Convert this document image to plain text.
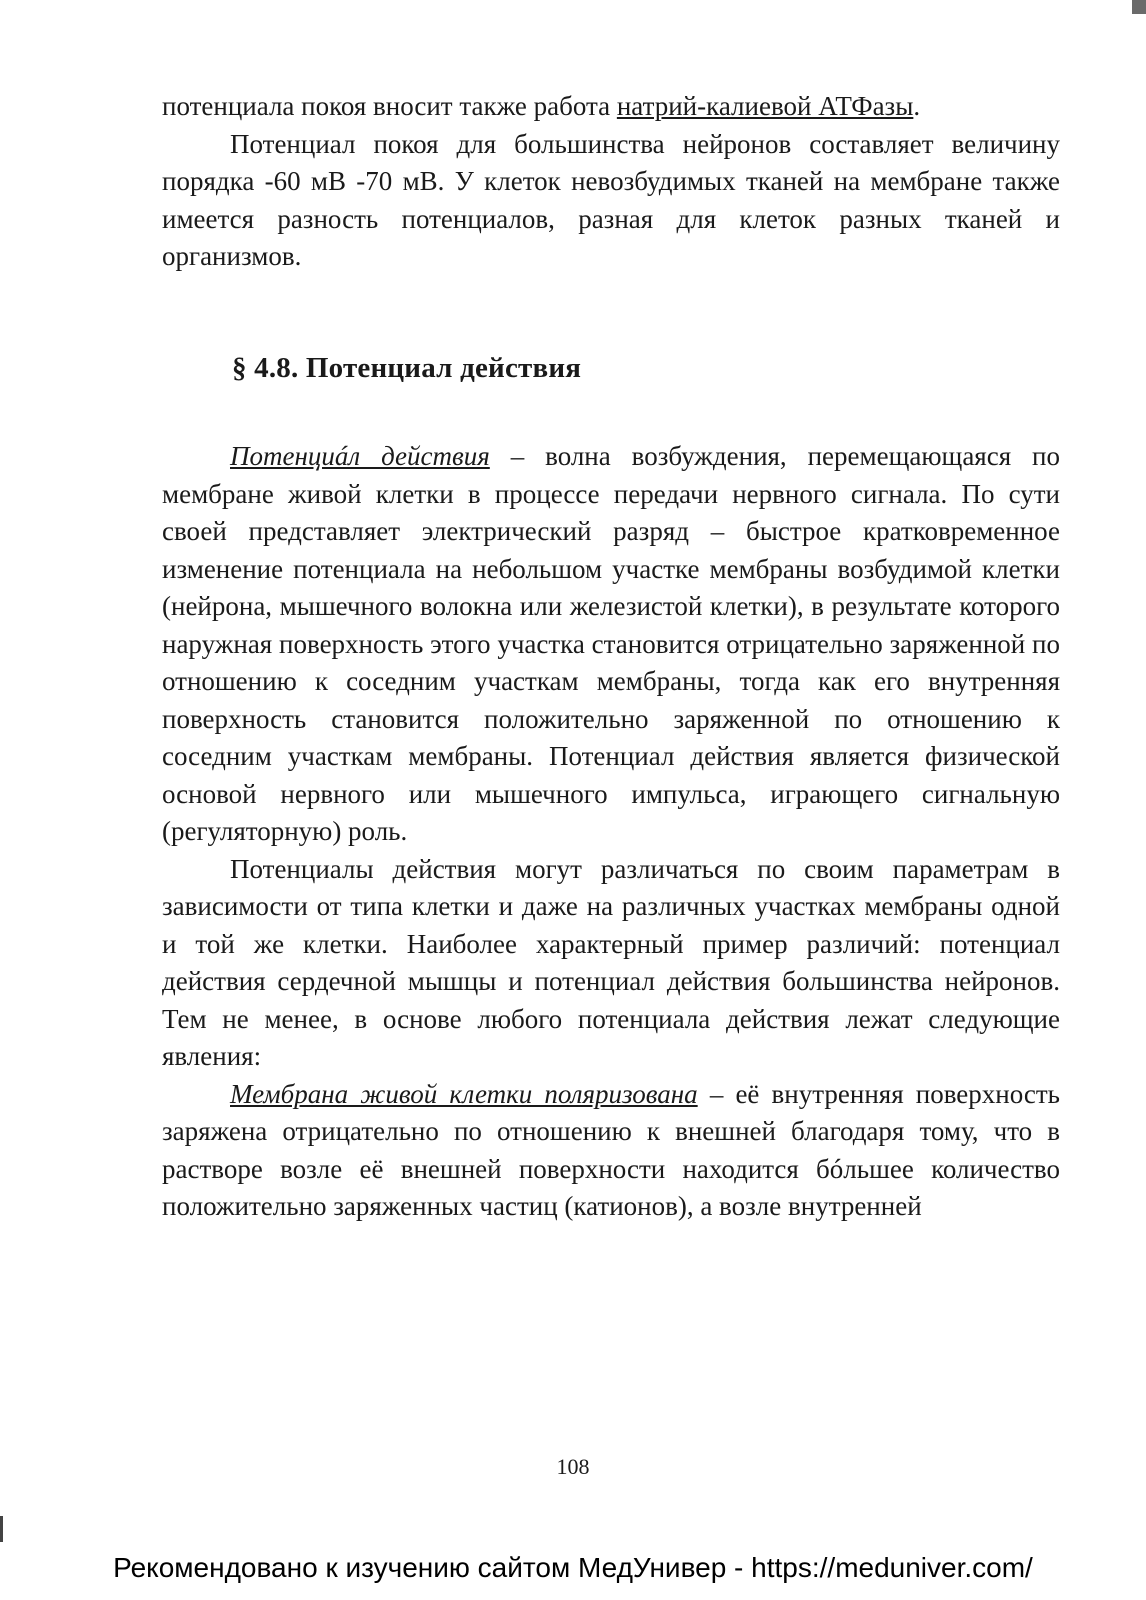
потенциала покоя вносит также работа натрий-калиевой АТФазы.

Потенциал покоя для большинства нейронов составляет величину порядка -60 мВ -70 мВ. У клеток невозбудимых тканей на мембране также имеется разность потенциалов, разная для клеток разных тканей и организмов.

§ 4.8. Потенциал действия

Потенциáл действия – волна возбуждения, перемещающаяся по мембране живой клетки в процессе передачи нервного сигнала. По сути своей представляет электрический разряд – быстрое кратковременное изменение потенциала на небольшом участке мембраны возбудимой клетки (нейрона, мышечного волокна или железистой клетки), в результате которого наружная поверхность этого участка становится отрицательно заряженной по отношению к соседним участкам мембраны, тогда как его внутренняя поверхность становится положительно заряженной по отношению к соседним участкам мембраны. Потенциал действия является физической основой нервного или мышечного импульса, играющего сигнальную (регуляторную) роль.

Потенциалы действия могут различаться по своим параметрам в зависимости от типа клетки и даже на различных участках мембраны одной и той же клетки. Наиболее характерный пример различий: потенциал действия сердечной мышцы и потенциал действия большинства нейронов. Тем не менее, в основе любого потенциала действия лежат следующие явления:

Мембрана живой клетки поляризована – её внутренняя поверхность заряжена отрицательно по отношению к внешней благодаря тому, что в растворе возле её внешней поверхности находится бóльшее количество положительно заряженных частиц (катионов), а возле внутренней

108
Рекомендовано к изучению сайтом МедУнивер - https://meduniver.com/
